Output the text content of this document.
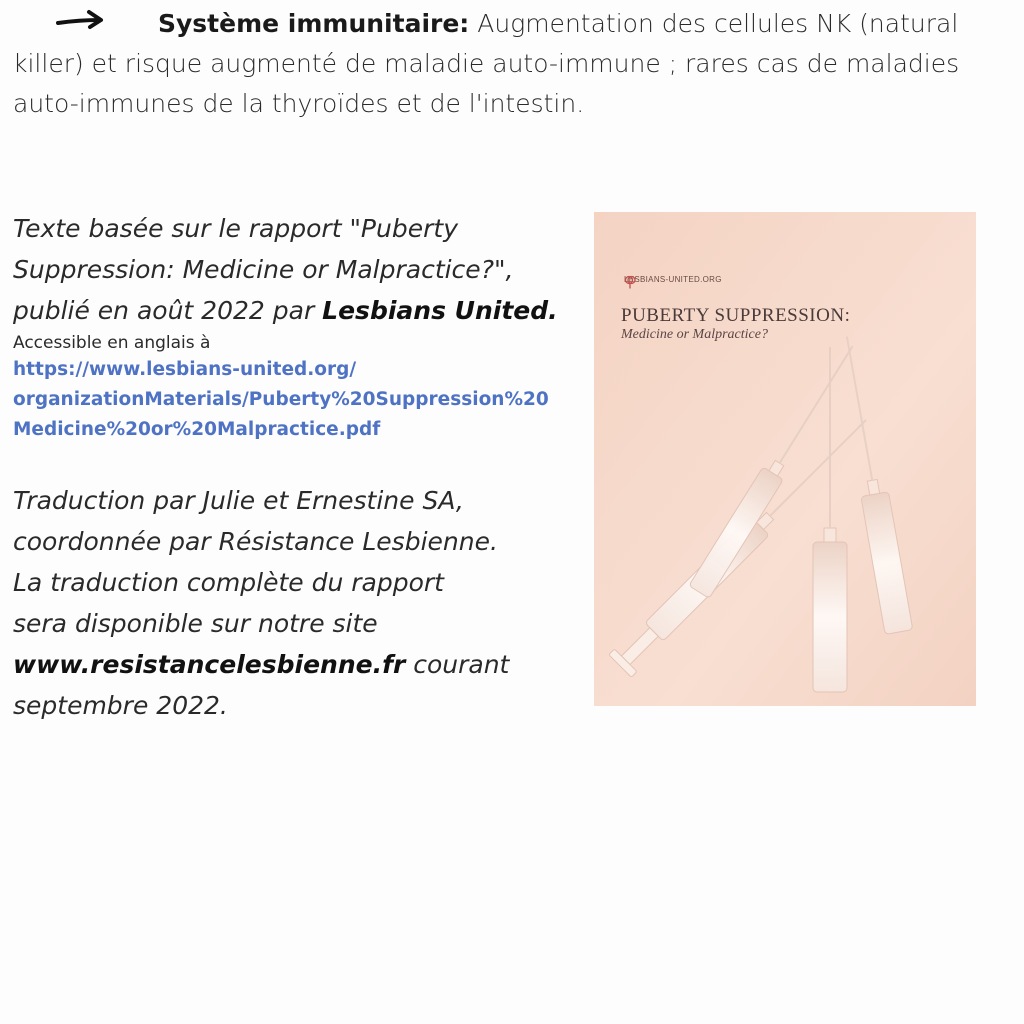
Système immunitaire: Augmentation des cellules NK (natural killer) et risque augmenté de maladie auto-immune ; rares cas de maladies auto-immunes de la thyroïdes et de l'intestin.

Texte basée sur le rapport "Puberty
Suppression: Medicine or Malpractice?",
publié en août 2022 par Lesbians United.
Accessible en anglais à
https://www.lesbians-united.org/
organizationMaterials/Puberty%20Suppression%20
Medicine%20or%20Malpractice.pdf
Traduction par Julie et Ernestine SA,
coordonnée par Résistance Lesbienne.
La traduction complète du rapport
sera disponible sur notre site
www.resistancelesbienne.fr courant
septembre 2022.
LESBIANS-UNITED.ORG
PUBERTY SUPPRESSION:
Medicine or Malpractice?
